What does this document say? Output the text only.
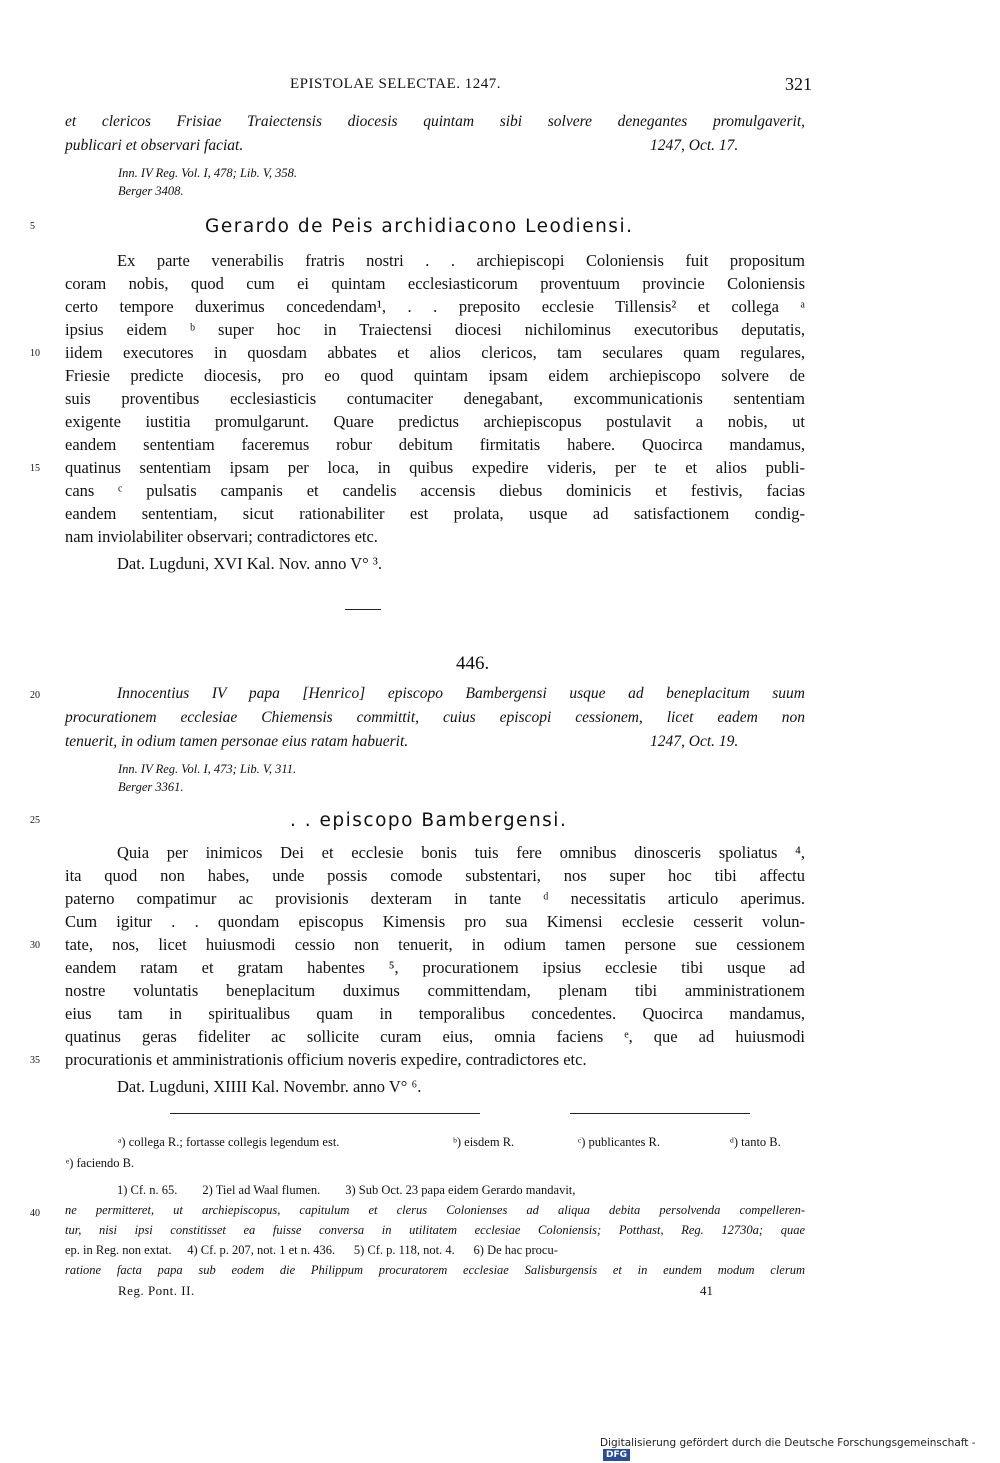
EPISTOLAE SELECTAE. 1247.	321
et clericos Frisiae Traiectensis diocesis quintam sibi solvere denegantes promulgaverit,
publicari et observari faciat.	1247, Oct. 17.
Inn. IV Reg. Vol. I, 478; Lib. V, 358.
Berger 3408.
Gerardo de Peis archidiacono Leodiensi.
Ex parte venerabilis fratris nostri . . archiepiscopi Coloniensis fuit propositum
coram nobis, quod cum ei quintam ecclesiasticorum proventuum provincie Coloniensis
certo tempore duxerimus concedendam¹, . . preposito ecclesie Tillensis² et collega ᵃ
ipsius eidem ᵇ super hoc in Traiectensi diocesi nichilominus executoribus deputatis,
iidem executores in quosdam abbates et alios clericos, tam seculares quam regulares,
Friesie predicte diocesis, pro eo quod quintam ipsam eidem archiepiscopo solvere de
suis proventibus ecclesiasticis contumaciter denegabant, excommunicationis sententiam
exigente iustitia promulgarunt. Quare predictus archiepiscopus postulavit a nobis, ut
eandem sententiam faceremus robur debitum firmitatis habere. Quocirca mandamus,
quatinus sententiam ipsam per loca, in quibus expedire videris, per te et alios publi-
cans ᶜ pulsatis campanis et candelis accensis diebus dominicis et festivis, facias
eandem sententiam, sicut rationabiliter est prolata, usque ad satisfactionem condig-
nam inviolabiliter observari; contradictores etc.
Dat. Lugduni, XVI Kal. Nov. anno V° ³.
446.
Innocentius IV papa [Henrico] episcopo Bambergensi usque ad beneplacitum suum
procurationem ecclesiae Chiemensis committit, cuius episcopi cessionem, licet eadem non
tenuerit, in odium tamen personae eius ratam habuerit.	1247, Oct. 19.
Inn. IV Reg. Vol. I, 473; Lib. V, 311.
Berger 3361.
. . episcopo Bambergensi.
Quia per inimicos Dei et ecclesie bonis tuis fere omnibus dinosceris spoliatus ⁴,
ita quod non habes, unde possis comode substentari, nos super hoc tibi affectu
paterno compatimur ac provisionis dexteram in tante ᵈ necessitatis articulo aperimus.
Cum igitur . . quondam episcopus Kimensis pro sua Kimensi ecclesie cesserit volun-
tate, nos, licet huiusmodi cessio non tenuerit, in odium tamen persone sue cessionem
eandem ratam et gratam habentes ⁵, procurationem ipsius ecclesie tibi usque ad
nostre voluntatis beneplacitum duximus committendam, plenam tibi amministrationem
eius tam in spiritualibus quam in temporalibus concedentes. Quocirca mandamus,
quatinus geras fideliter ac sollicite curam eius, omnia faciens ᵉ, que ad huiusmodi
procurationis et amministrationis officium noveris expedire, contradictores etc.
Dat. Lugduni, XIIII Kal. Novembr. anno V° ⁶.
ᵃ) collega R.; fortasse collegis legendum est.	ᵇ) eisdem R.	ᶜ) publicantes R.	ᵈ) tanto B.
ᵉ) faciendo B.
1) Cf. n. 65.        2) Tiel ad Waal flumen.        3) Sub Oct. 23 papa eidem Gerardo mandavit,
ne permitteret, ut archiepiscopus, capitulum et clerus Colonienses ad aliqua debita persolvenda compelleren-
tur, nisi ipsi constitisset ea fuisse conversa in utilitatem ecclesiae Coloniensis; Potthast, Reg. 12730a; quae
ep. in Reg. non extat.     4) Cf. p. 207, not. 1 et n. 436.      5) Cf. p. 118, not. 4.      6) De hac procu-
ratione facta papa sub eodem die Philippum procuratorem ecclesiae Salisburgensis et in eundem modum clerum
Reg. Pont. II.	41
5
10
15
20
25
30
35
40
Digitalisierung gefördert durch die Deutsche Forschungsgemeinschaft -DFG
